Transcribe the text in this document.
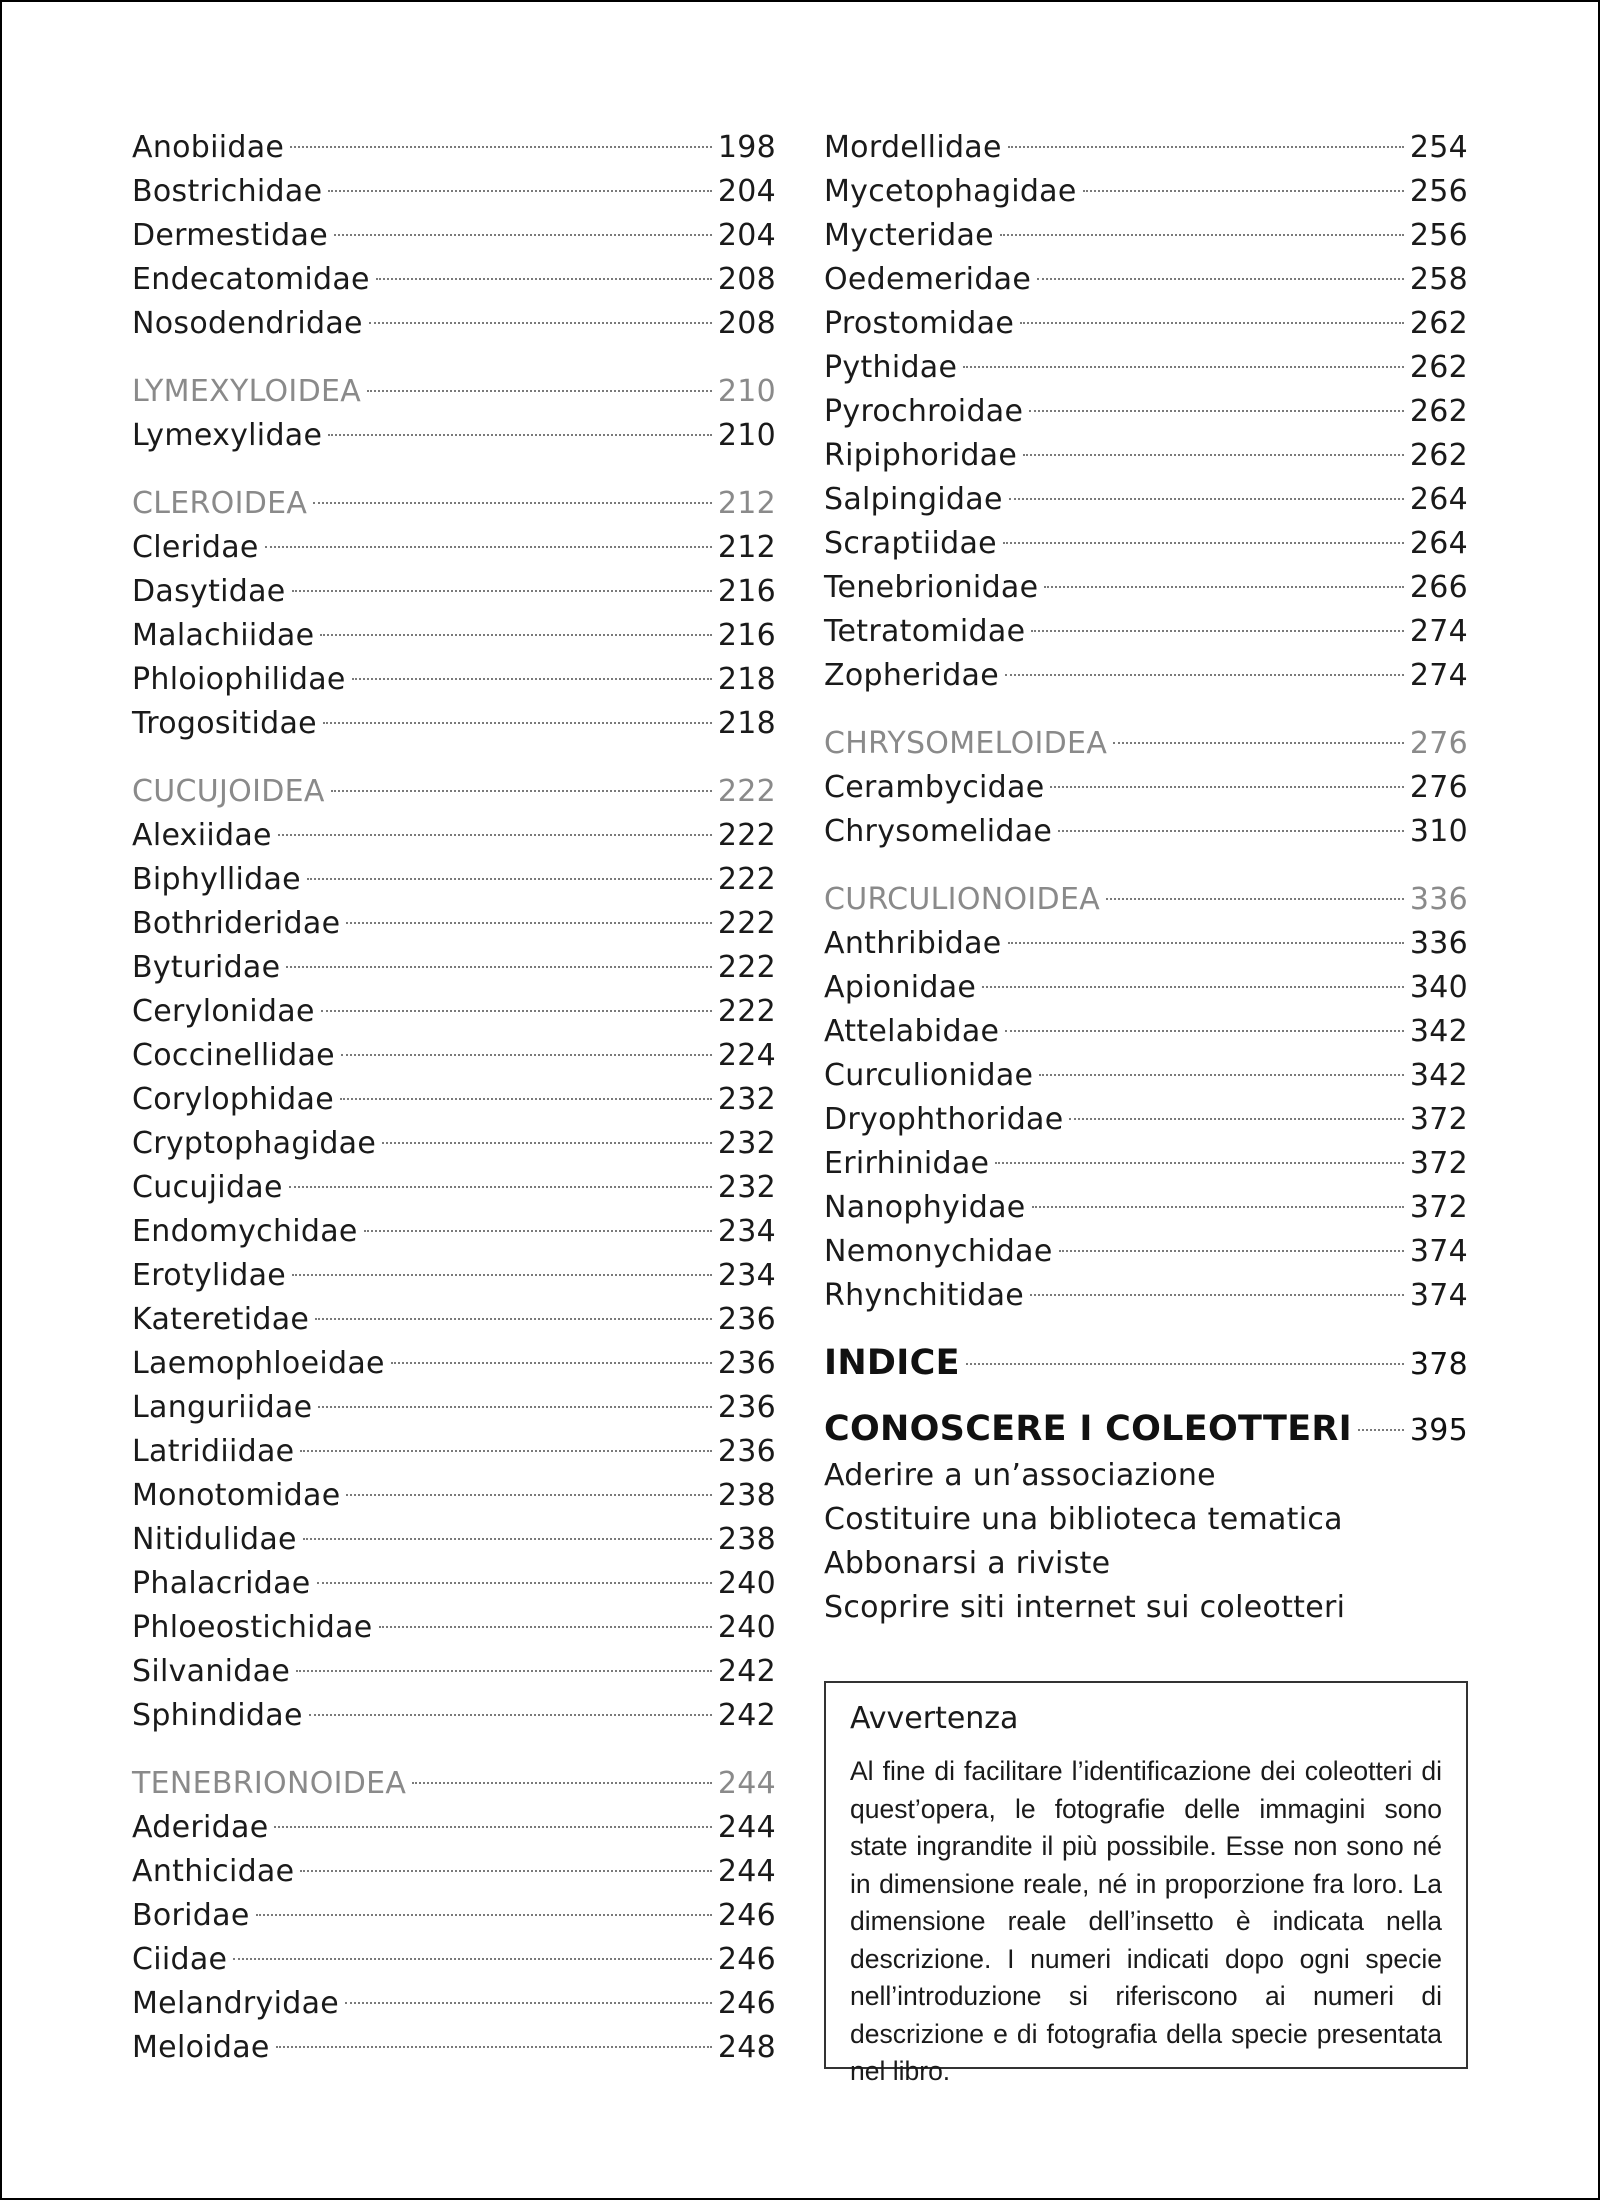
Anobiidae	198
Bostrichidae	204
Dermestidae	204
Endecatomidae	208
Nosodendridae	208
LYMEXYLOIDEA	210
Lymexylidae	210
CLEROIDEA	212
Cleridae	212
Dasytidae	216
Malachiidae	216
Phloiophilidae	218
Trogositidae	218
CUCUJOIDEA	222
Alexiidae	222
Biphyllidae	222
Bothrideridae	222
Byturidae	222
Cerylonidae	222
Coccinellidae	224
Corylophidae	232
Cryptophagidae	232
Cucujidae	232
Endomychidae	234
Erotylidae	234
Kateretidae	236
Laemophloeidae	236
Languriidae	236
Latridiidae	236
Monotomidae	238
Nitidulidae	238
Phalacridae	240
Phloeostichidae	240
Silvanidae	242
Sphindidae	242
TENEBRIONOIDEA	244
Aderidae	244
Anthicidae	244
Boridae	246
Ciidae	246
Melandryidae	246
Meloidae	248
Mordellidae	254
Mycetophagidae	256
Mycteridae	256
Oedemeridae	258
Prostomidae	262
Pythidae	262
Pyrochroidae	262
Ripiphoridae	262
Salpingidae	264
Scraptiidae	264
Tenebrionidae	266
Tetratomidae	274
Zopheridae	274
CHRYSOMELOIDEA	276
Cerambycidae	276
Chrysomelidae	310
CURCULIONOIDEA	336
Anthribidae	336
Apionidae	340
Attelabidae	342
Curculionidae	342
Dryophthoridae	372
Erirhinidae	372
Nanophyidae	372
Nemonychidae	374
Rhynchitidae	374
INDICE	378
CONOSCERE I COLEOTTERI 395
Aderire a un’associazione
Costituire una biblioteca tematica
Abbonarsi a riviste
Scoprire siti internet sui coleotteri
Avvertenza
Al fine di facilitare l’identificazione dei coleotteri di quest’opera, le fotografie delle immagini sono state ingrandite il più possibile. Esse non sono né in dimensione reale, né in proporzione fra loro. La dimensione reale dell’insetto è indicata nella descrizione. I numeri indicati dopo ogni specie nell’introduzione si riferiscono ai numeri di descrizione e di fotografia della specie presentata nel libro.
